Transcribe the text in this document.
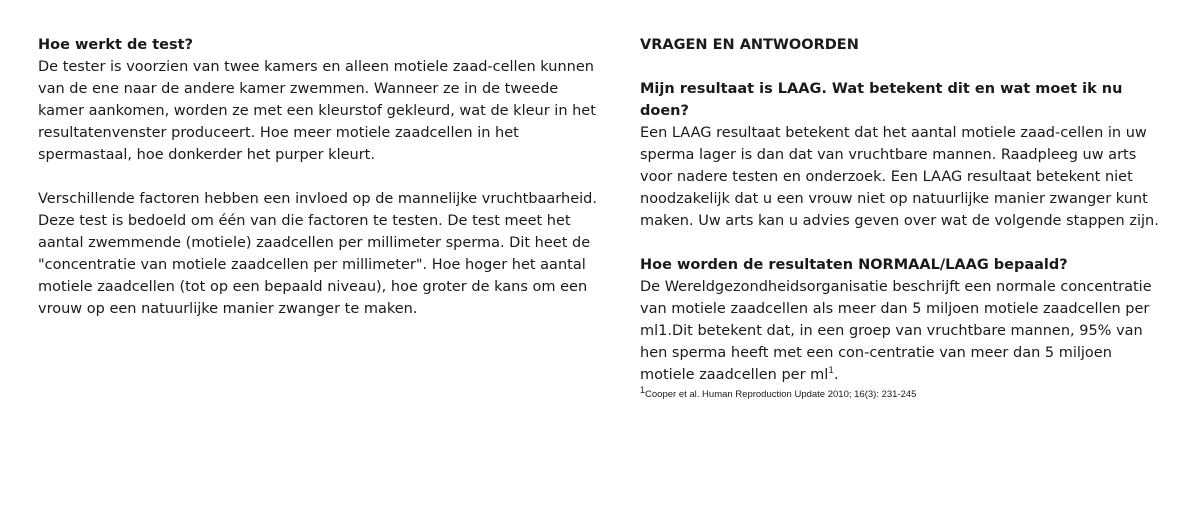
Hoe werkt de test?

De tester is voorzien van twee kamers en alleen motiele zaad-cellen kunnen van de ene naar de andere kamer zwemmen. Wanneer ze in de tweede kamer aankomen, worden ze met een kleurstof gekleurd, wat de kleur in het resultatenvenster produceert. Hoe meer motiele zaadcellen in het spermastaal, hoe donkerder het purper kleurt.

Verschillende factoren hebben een invloed op de mannelijke vruchtbaarheid. Deze test is bedoeld om één van die factoren te testen. De test meet het aantal zwemmende (motiele) zaadcellen per millimeter sperma. Dit heet de "concentratie van motiele zaadcellen per millimeter". Hoe hoger het aantal motiele zaadcellen (tot op een bepaald niveau), hoe groter de kans om een vrouw op een natuurlijke manier zwanger te maken.

VRAGEN EN ANTWOORDEN

Mijn resultaat is LAAG. Wat betekent dit en wat moet ik nu doen?

Een LAAG resultaat betekent dat het aantal motiele zaad-cellen in uw sperma lager is dan dat van vruchtbare mannen. Raadpleeg uw arts voor nadere testen en onderzoek. Een LAAG resultaat betekent niet noodzakelijk dat u een vrouw niet op natuurlijke manier zwanger kunt maken. Uw arts kan u advies geven over wat de volgende stappen zijn.

Hoe worden de resultaten NORMAAL/LAAG bepaald?

De Wereldgezondheidsorganisatie beschrijft een normale concentratie van motiele zaadcellen als meer dan 5 miljoen motiele zaadcellen per ml1.Dit betekent dat, in een groep van vruchtbare mannen, 95% van hen sperma heeft met een con-centratie van meer dan 5 miljoen motiele zaadcellen per $ml^1$.

$^1$Cooper et al. Human Reproduction Update 2010; 16(3): 231-245
